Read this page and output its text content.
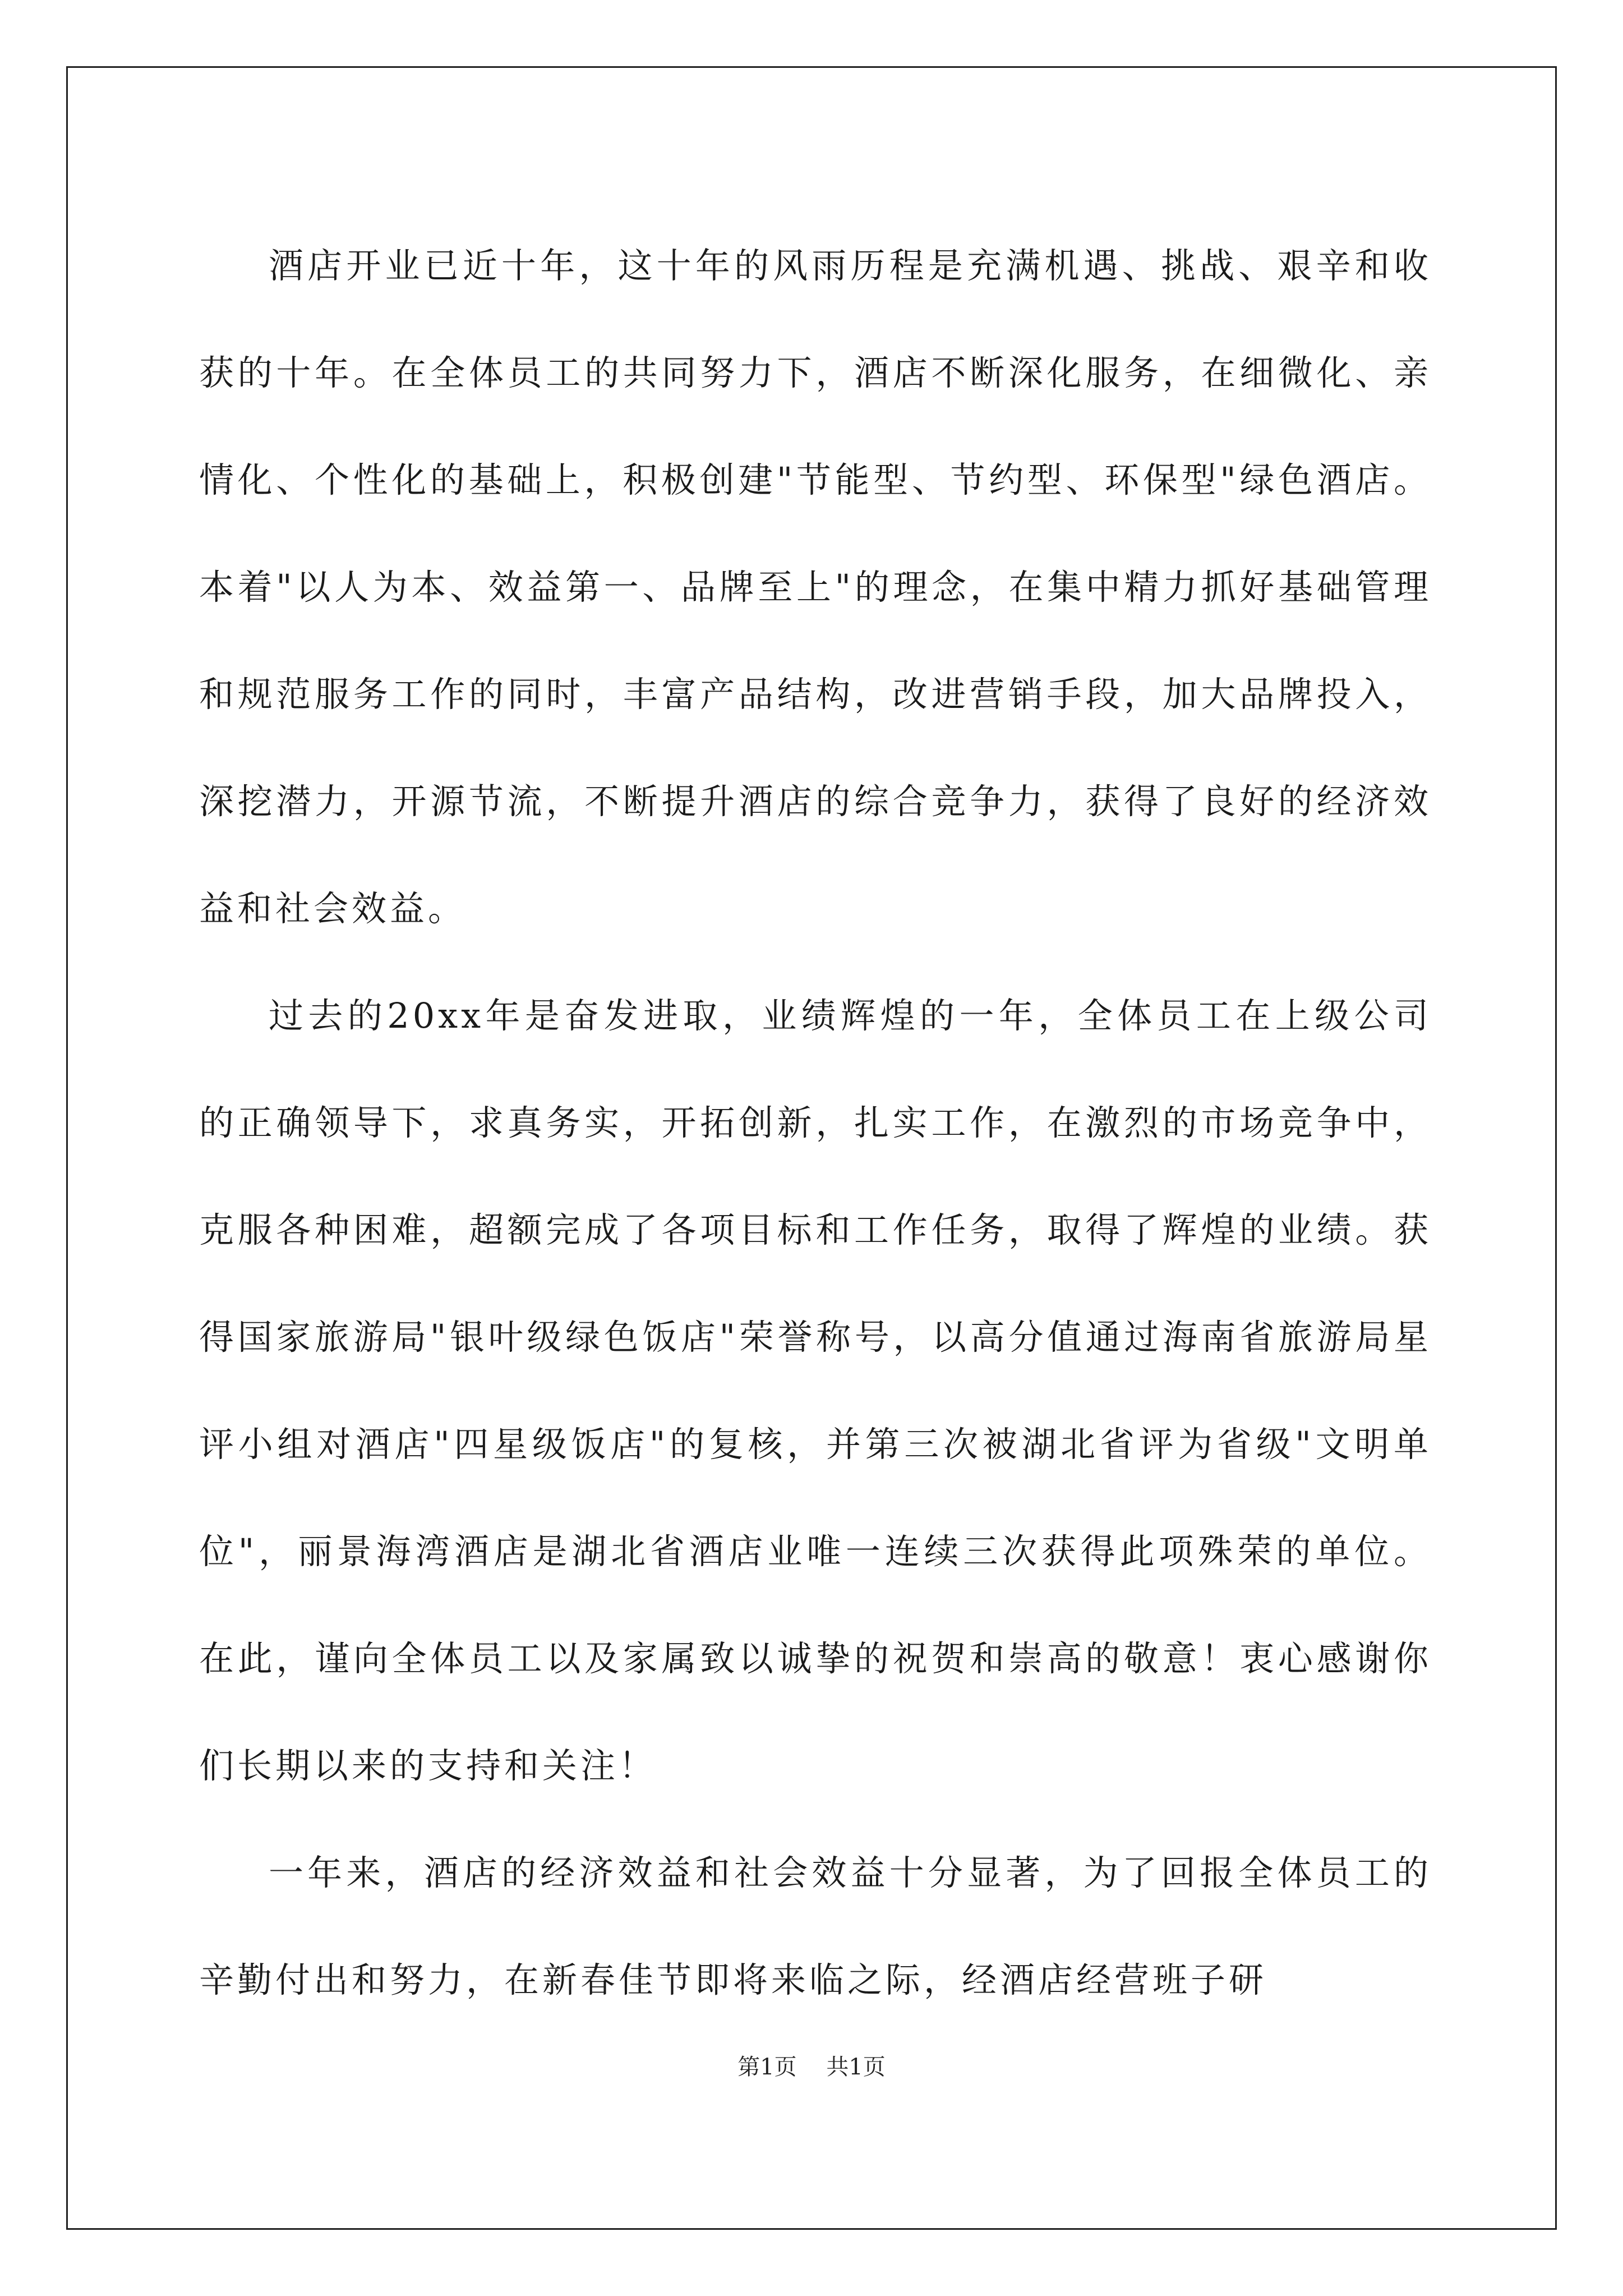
酒店开业已近十年，这十年的风雨历程是充满机遇、挑战、艰辛和收获的十年。在全体员工的共同努力下，酒店不断深化服务，在细微化、亲情化、个性化的基础上，积极创建"节能型、节约型、环保型"绿色酒店。本着"以人为本、效益第一、品牌至上"的理念，在集中精力抓好基础管理和规范服务工作的同时，丰富产品结构，改进营销手段，加大品牌投入，深挖潜力，开源节流，不断提升酒店的综合竞争力，获得了良好的经济效益和社会效益。

过去的20xx年是奋发进取，业绩辉煌的一年，全体员工在上级公司的正确领导下，求真务实，开拓创新，扎实工作，在激烈的市场竞争中，克服各种困难，超额完成了各项目标和工作任务，取得了辉煌的业绩。获得国家旅游局"银叶级绿色饭店"荣誉称号，以高分值通过海南省旅游局星评小组对酒店"四星级饭店"的复核，并第三次被湖北省评为省级"文明单位"，丽景海湾酒店是湖北省酒店业唯一连续三次获得此项殊荣的单位。 在此，谨向全体员工以及家属致以诚挚的祝贺和崇高的敬意！衷心感谢你们长期以来的支持和关注！

一年来，酒店的经济效益和社会效益十分显著，为了回报全体员工的辛勤付出和努力，在新春佳节即将来临之际，经酒店经营班子研

第1页 共1页
